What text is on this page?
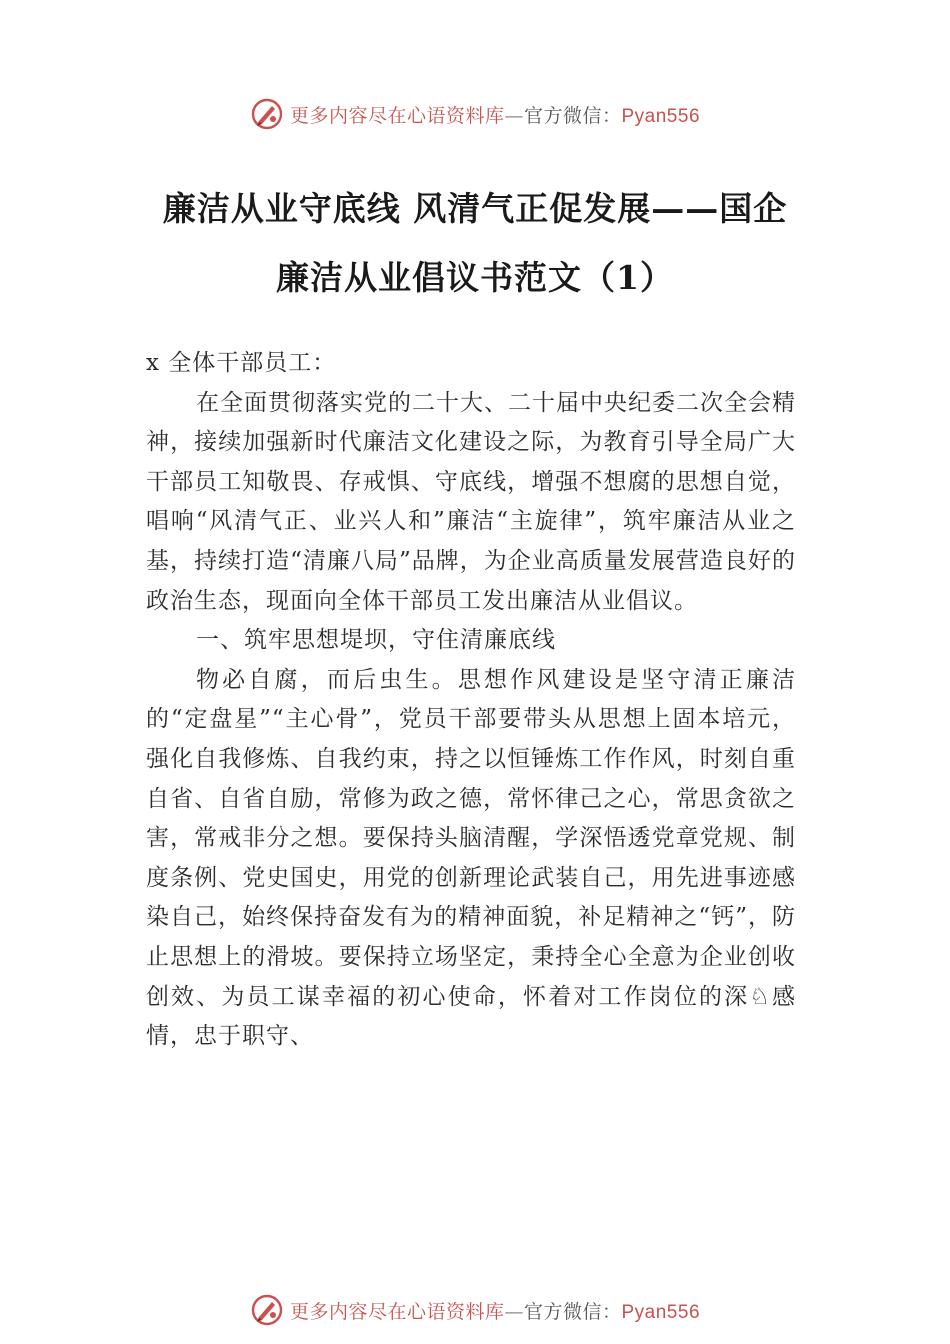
更多内容尽在心语资料库—官方微信：Pyan556
廉洁从业守底线 风清气正促发展——国企
廉洁从业倡议书范文（1）

x 全体干部员工：

在全面贯彻落实党的二十大、二十届中央纪委二次全会精神，接续加强新时代廉洁文化建设之际，为教育引导全局广大干部员工知敬畏、存戒惧、守底线，增强不想腐的思想自觉，唱响“风清气正、业兴人和”廉洁“主旋律”，筑牢廉洁从业之基，持续打造“清廉八局”品牌，为企业高质量发展营造良好的政治生态，现面向全体干部员工发出廉洁从业倡议。

一、筑牢思想堤坝，守住清廉底线

物必自腐，而后虫生。思想作风建设是坚守清正廉洁的“定盘星”“主心骨”，党员干部要带头从思想上固本培元，强化自我修炼、自我约束，持之以恒锤炼工作作风，时刻自重自省、自省自励，常修为政之德，常怀律己之心，常思贪欲之害，常戒非分之想。要保持头脑清醒，学深悟透党章党规、制度条例、党史国史，用党的创新理论武装自己，用先进事迹感染自己，始终保持奋发有为的精神面貌，补足精神之“钙”，防止思想上的滑坡。要保持立场坚定，秉持全心全意为企业创收创效、为员工谋幸福的初心使命，怀着对工作岗位的深♘感情，忠于职守、

更多内容尽在心语资料库—官方微信：Pyan556
